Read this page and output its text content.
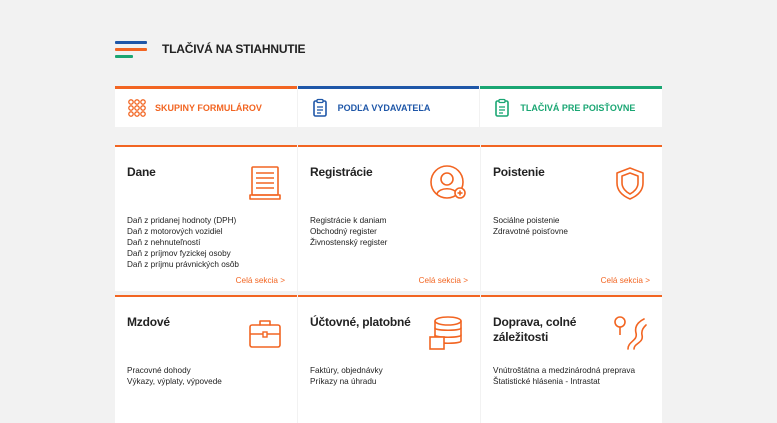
TLAČIVÁ NA STIAHNUTIE
SKUPINY FORMULÁROV	PODĽA VYDAVATEĽA	TLAČIVÁ PRE POISŤOVNE
Dane
Daň z pridanej hodnoty (DPH)
Daň z motorových vozidiel
Daň z nehnuteľností
Daň z príjmov fyzickej osoby
Daň z príjmu právnických osôb
Celá sekcia >
Registrácie
Registrácie k daniam
Obchodný register
Živnostenský register
Celá sekcia >
Poistenie
Sociálne poistenie
Zdravotné poisťovne
Celá sekcia >
Mzdové
Pracovné dohody
Výkazy, výplaty, výpovede
Účtovné, platobné
Faktúry, objednávky
Príkazy na úhradu
Doprava, colné záležitosti
Vnútroštátna a medzinárodná preprava
Štatistické hlásenia - Intrastat
